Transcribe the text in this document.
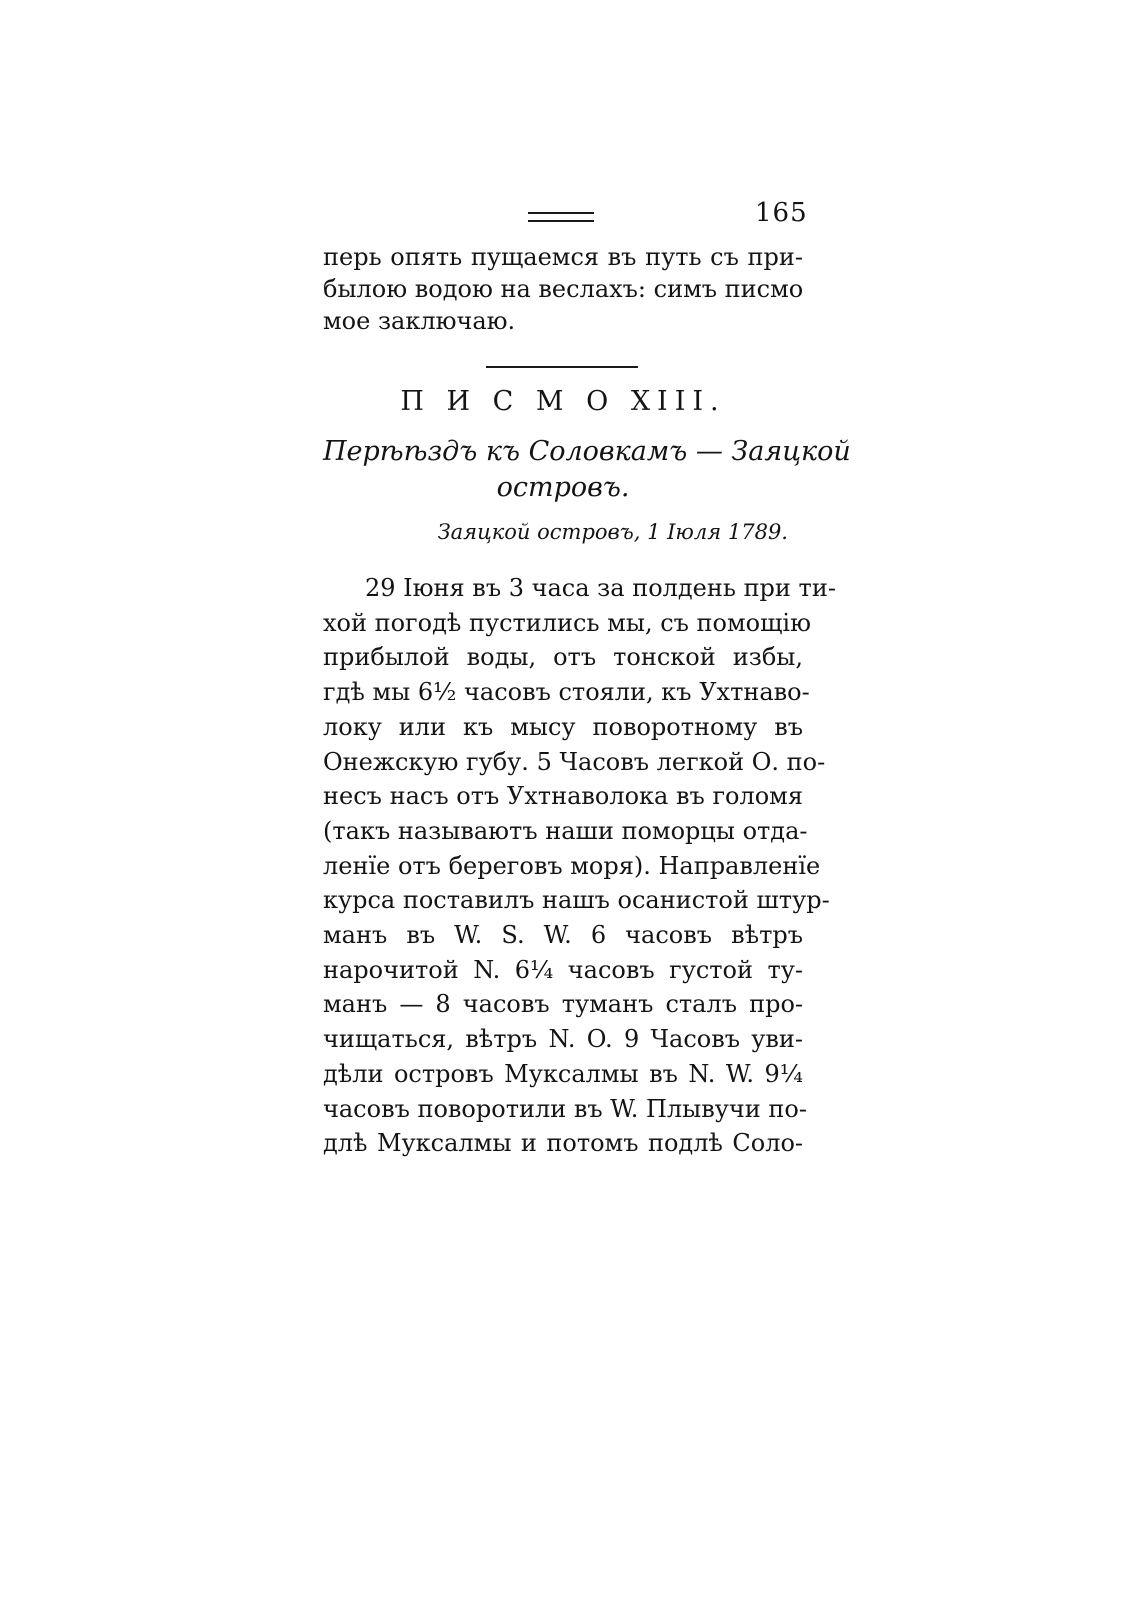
165
перь опять пущаемся въ путь съ при-
былою водою на веслахъ: симъ писмо
мое заключаю.
П И С М О XIII.
Перѣѣздъ къ Соловкамъ — Заяцкой
островъ.
Заяцкой островъ, 1 Іюля 1789.
29 Іюня въ 3 часа за полдень при ти-
хой погодѣ пустились мы, съ помощію
прибылой воды, отъ тонской избы,
гдѣ мы 6½ часовъ стояли, къ Ухтнаво-
локу или къ мысу поворотному въ
Онежскую губу. 5 Часовъ легкой О. по-
несъ насъ отъ Ухтнаволока въ голомя
(такъ называютъ наши поморцы отда-
ленїе отъ береговъ моря). Направленїе
курса поставилъ нашъ осанистой штур-
манъ въ W. S. W. 6 часовъ вѣтръ
нарочитой N. 6¼ часовъ густой ту-
манъ — 8 часовъ туманъ сталъ про-
чищаться, вѣтръ N. O. 9 Часовъ уви-
дѣли островъ Муксалмы въ N. W. 9¼
часовъ поворотили въ W. Плывучи по-
длѣ Муксалмы и потомъ подлѣ Соло-
